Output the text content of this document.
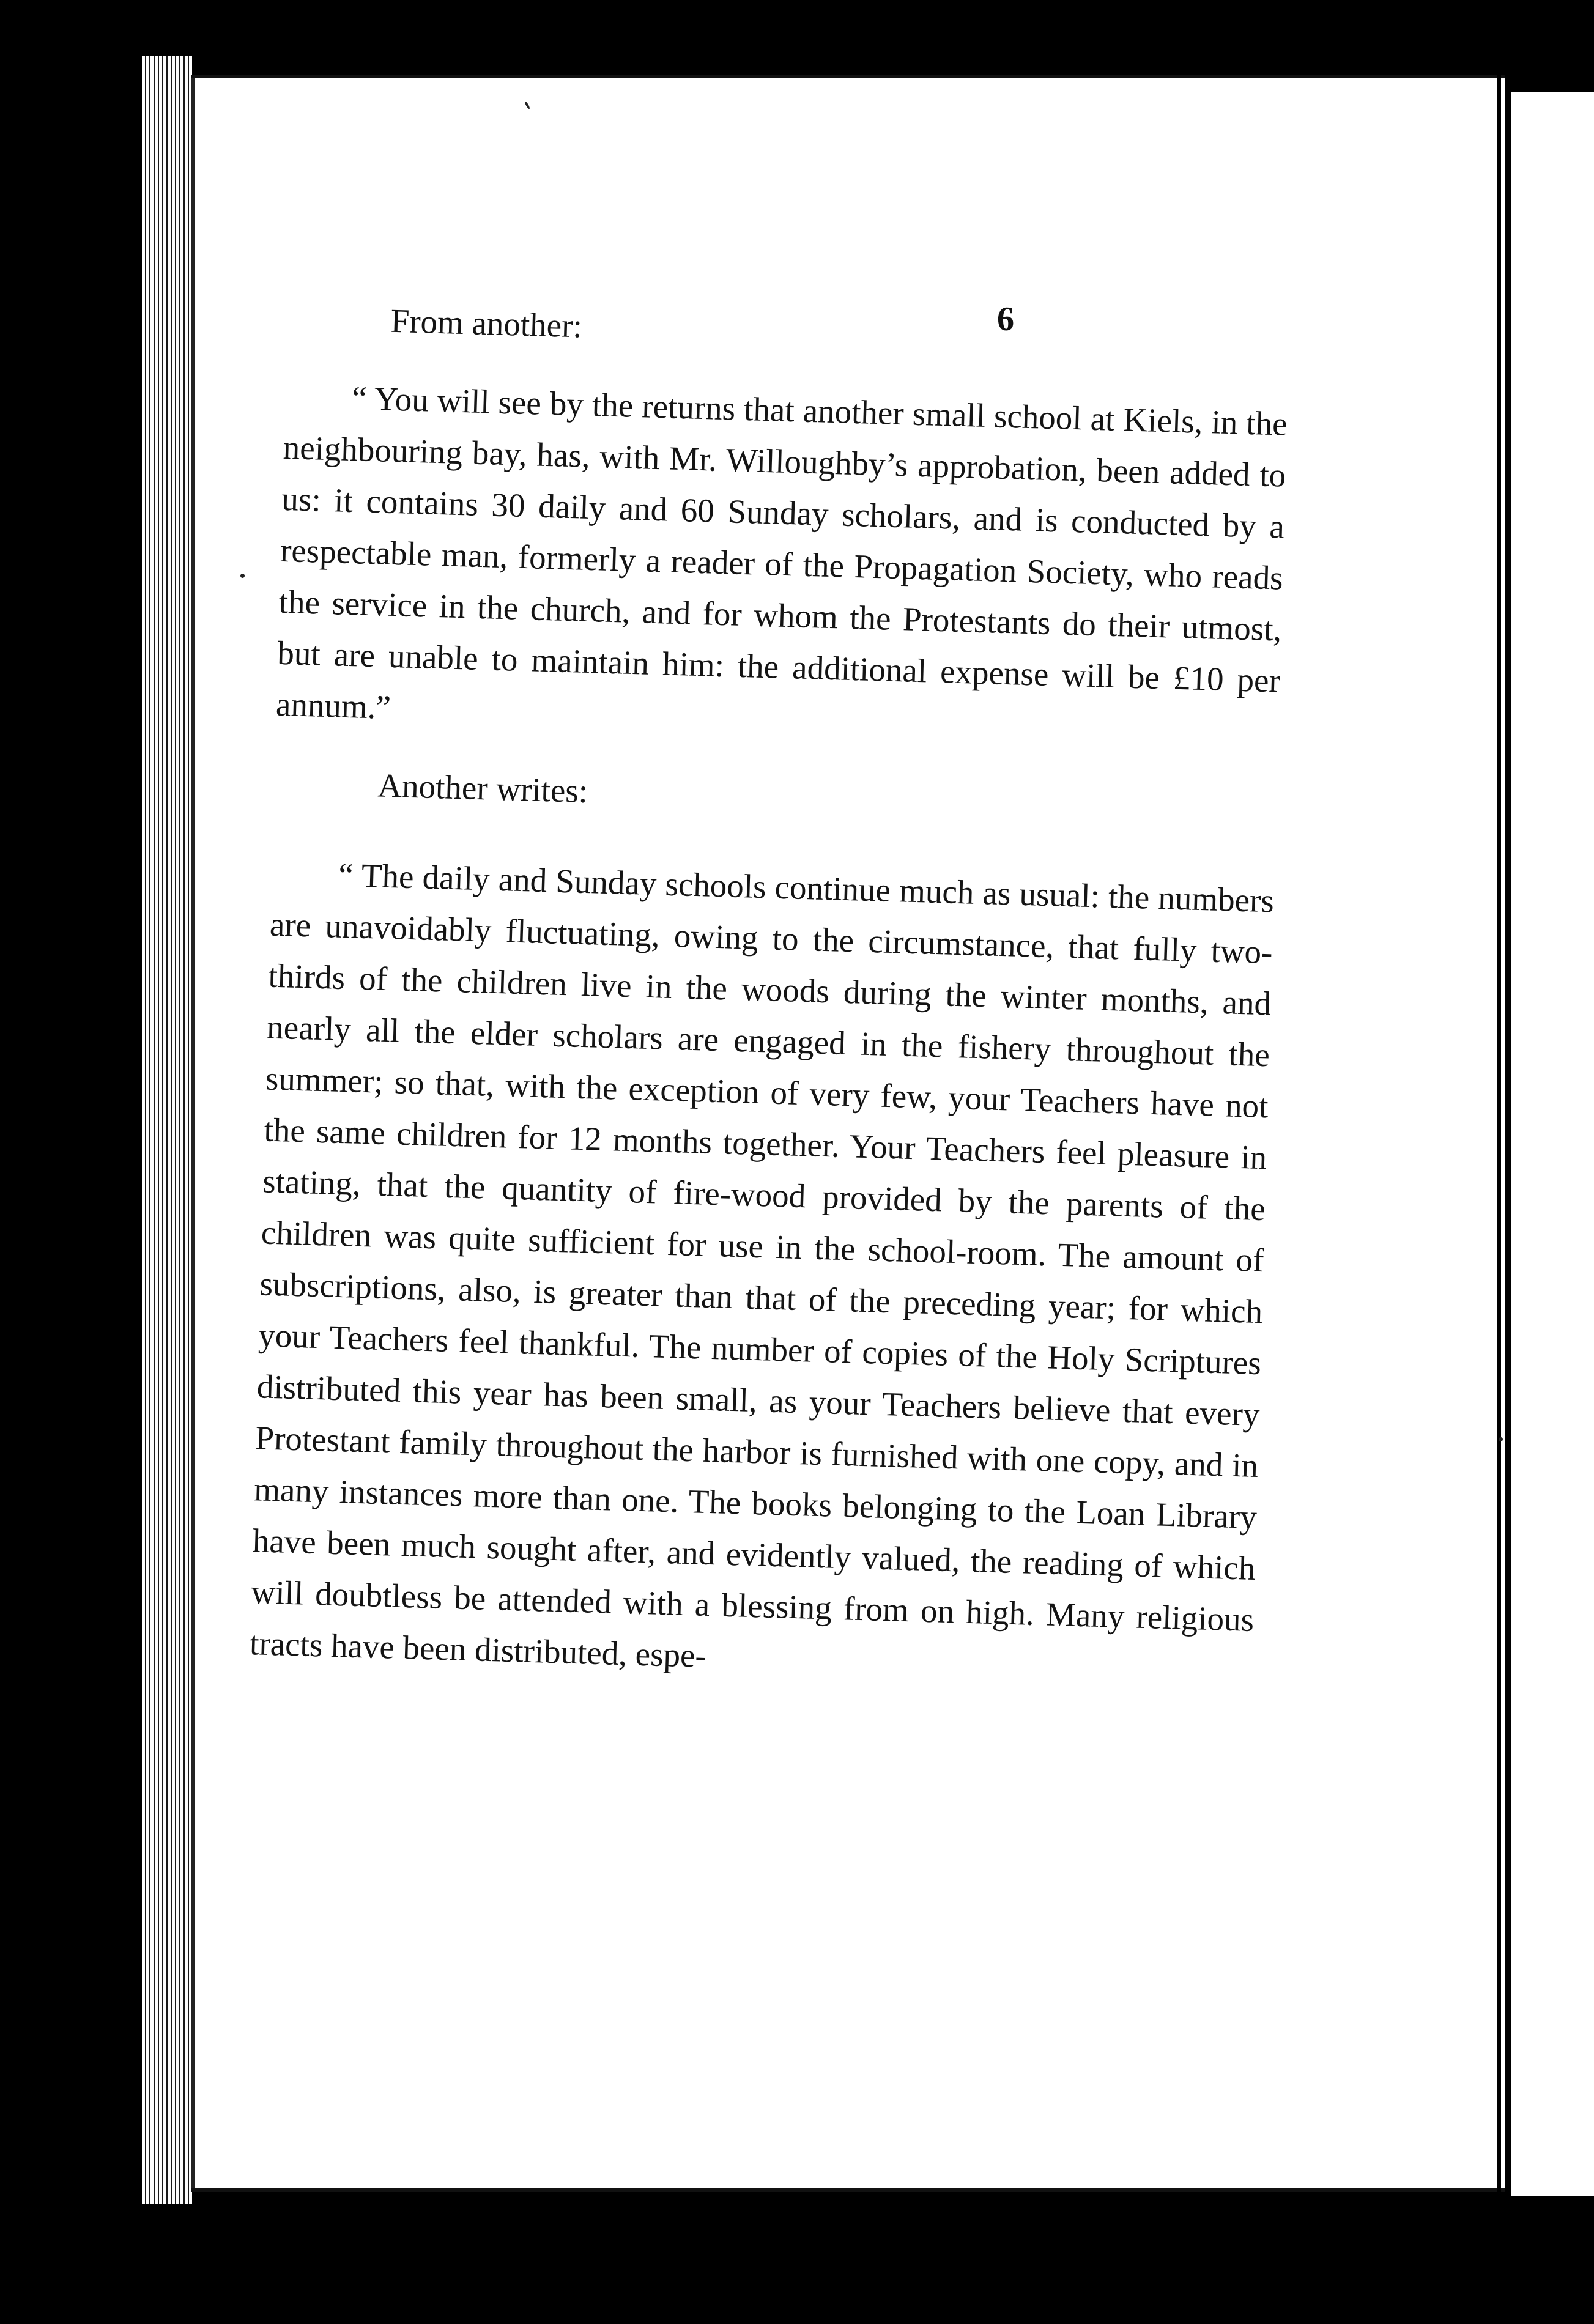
6

From another:

“ You will see by the returns that another small school at Kiels, in the neighbouring bay, has, with Mr. Willoughby’s approbation, been added to us: it contains 30 daily and 60 Sunday scholars, and is conducted by a respectable man, formerly a reader of the Propagation Society, who reads the service in the church, and for whom the Protestants do their utmost, but are unable to maintain him: the additional expense will be £10 per annum.”

Another writes:

“ The daily and Sunday schools continue much as usual: the numbers are unavoidably fluctuating, owing to the circumstance, that fully two-thirds of the children live in the woods during the winter months, and nearly all the elder scholars are engaged in the fishery throughout the summer; so that, with the exception of very few, your Teachers have not the same children for 12 months together. Your Teachers feel pleasure in stating, that the quantity of fire-wood provided by the parents of the children was quite sufficient for use in the school-room. The amount of subscriptions, also, is greater than that of the preceding year; for which your Teachers feel thankful. The number of copies of the Holy Scriptures distributed this year has been small, as your Teachers believe that every Protestant family throughout the harbor is furnished with one copy, and in many instances more than one. The books belonging to the Loan Library have been much sought after, and evidently valued, the reading of which will doubtless be attended with a blessing from on high. Many religious tracts have been distributed, espe-
